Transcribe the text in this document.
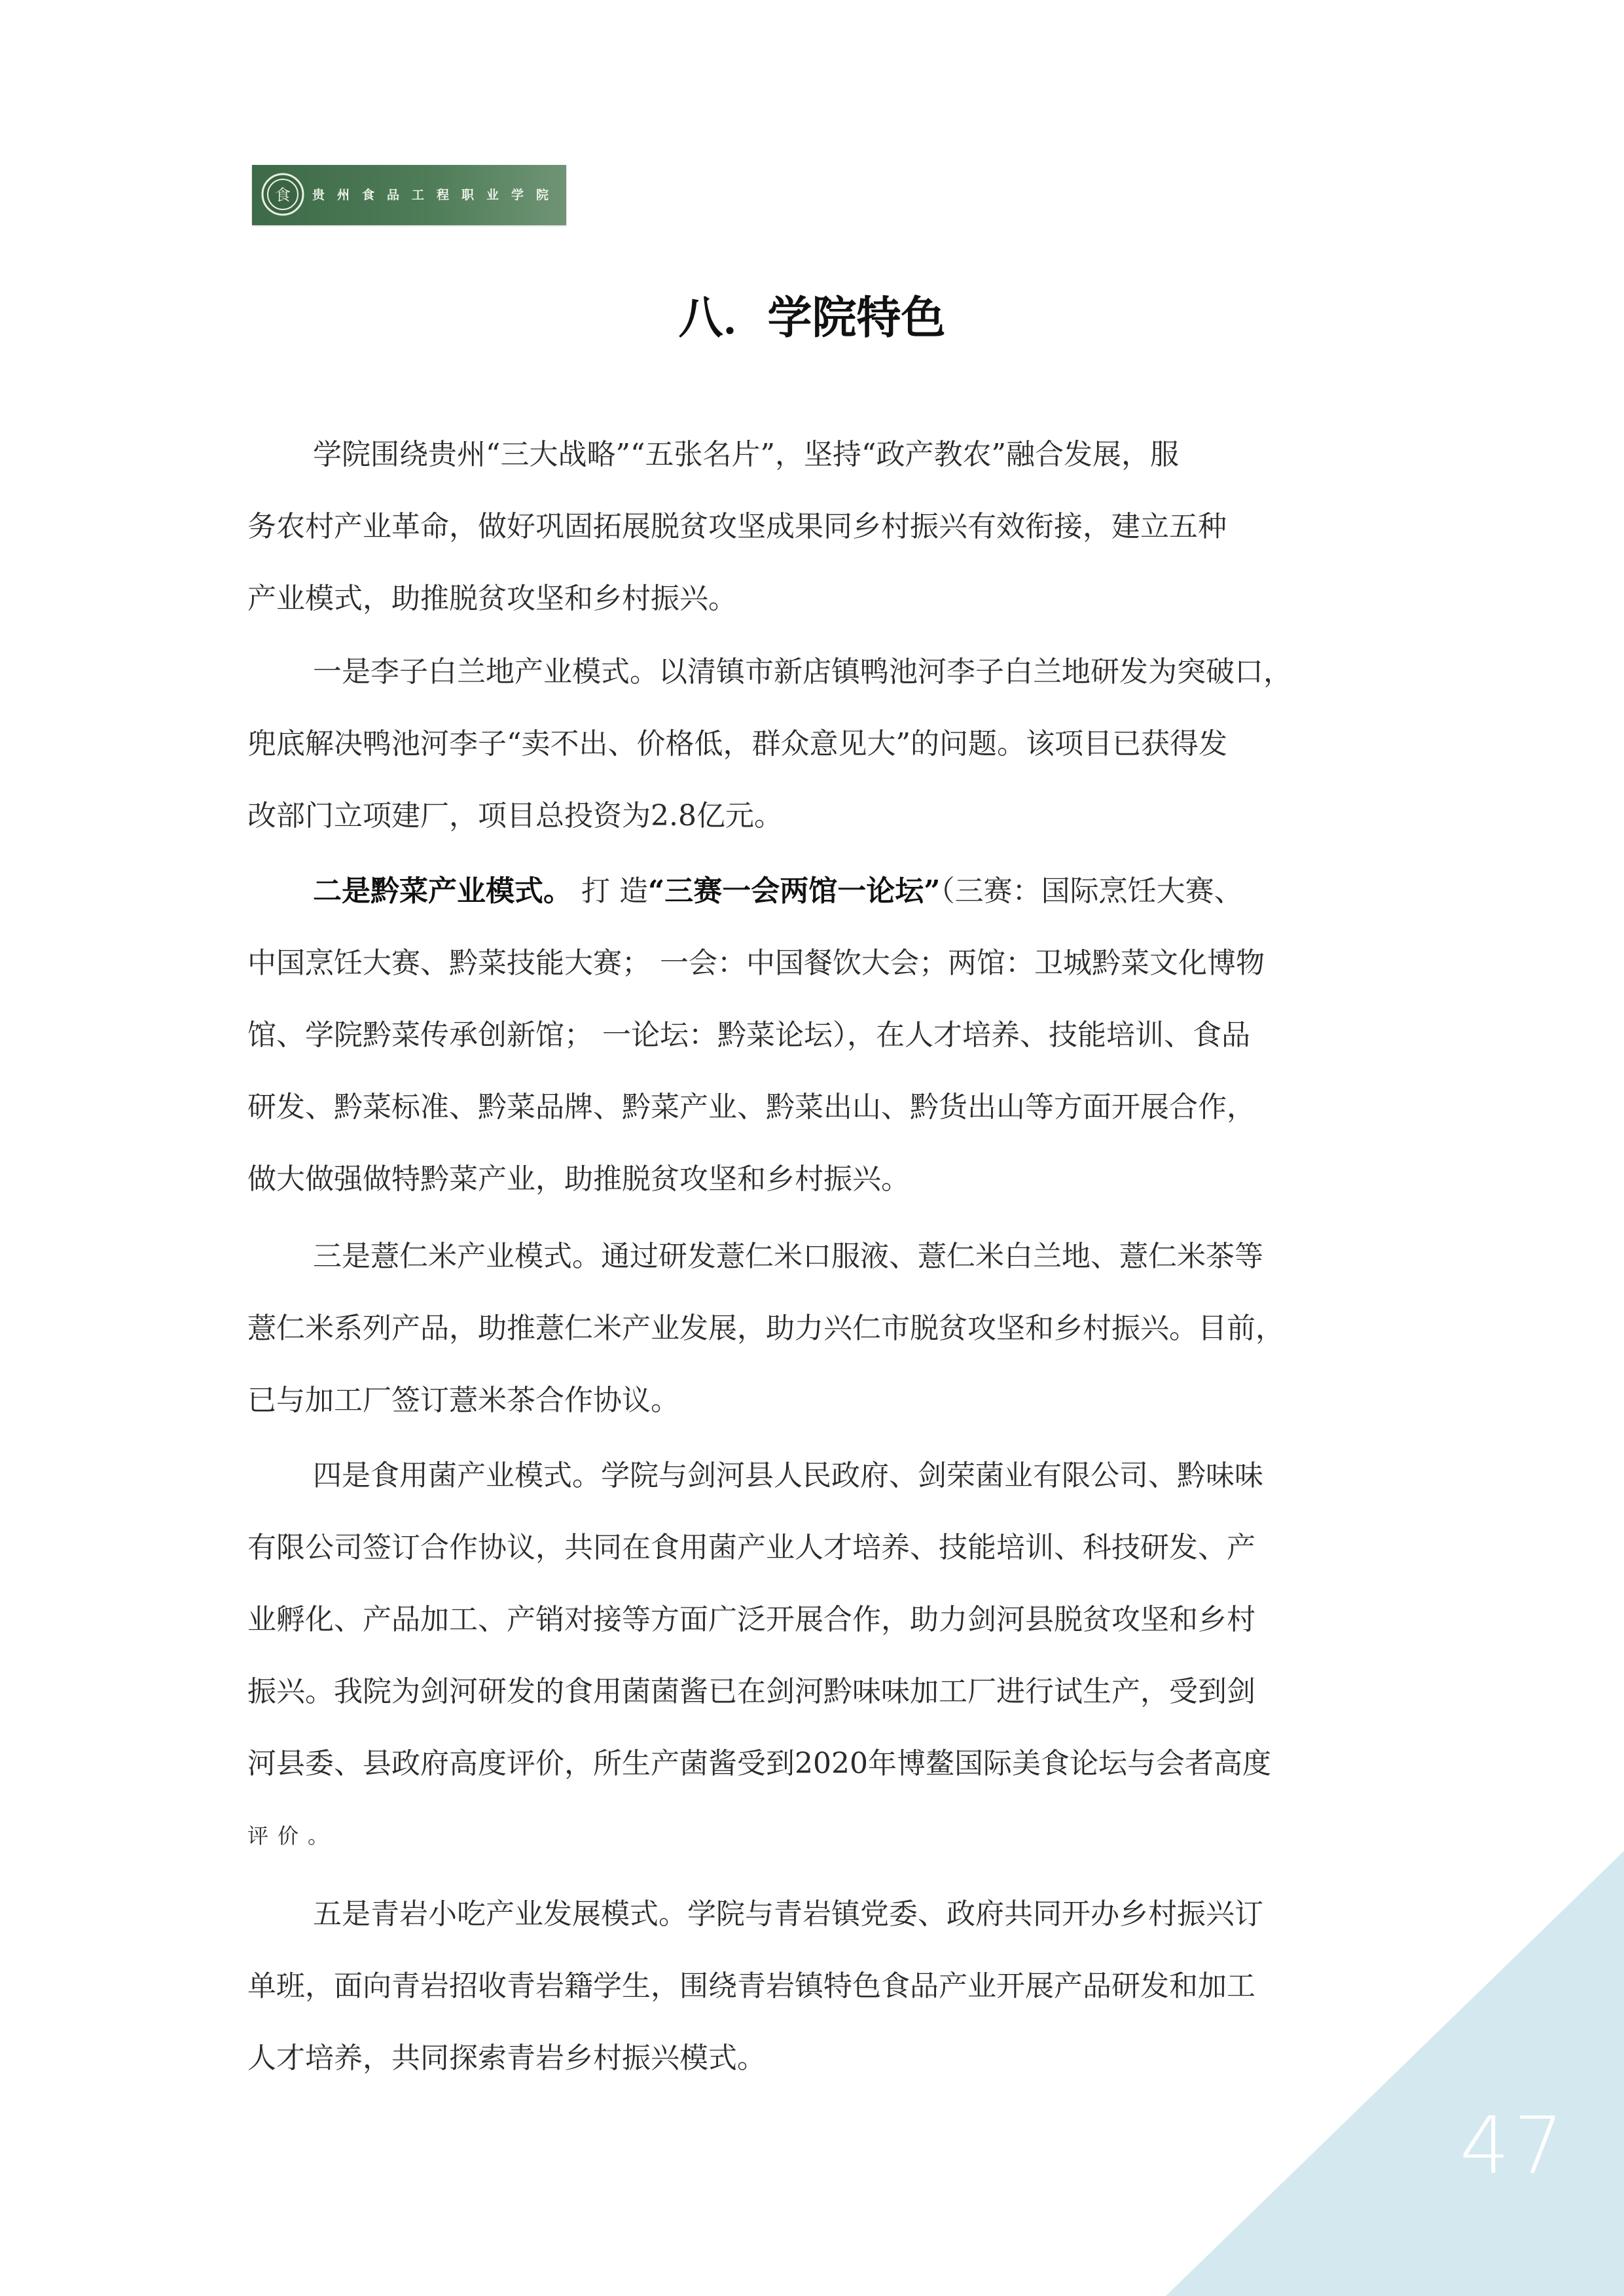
食 贵州食品工程职业学院
八．学院特色
学院围绕贵州“三大战略”“五张名片”，坚持“政产教农”融合发展，服
务农村产业革命，做好巩固拓展脱贫攻坚成果同乡村振兴有效衔接，建立五种
产业模式，助推脱贫攻坚和乡村振兴。
一是李子白兰地产业模式。以清镇市新店镇鸭池河李子白兰地研发为突破口，
兜底解决鸭池河李子“卖不出、价格低，群众意见大”的问题。该项目已获得发
改部门立项建厂，项目总投资为2.8亿元。
二是黔菜产业模式。 打 造“三赛一会两馆一论坛”（三赛：国际烹饪大赛、
中国烹饪大赛、黔菜技能大赛； 一会：中国餐饮大会；两馆：卫城黔菜文化博物
馆、学院黔菜传承创新馆； 一论坛：黔菜论坛），在人才培养、技能培训、食品
研发、黔菜标准、黔菜品牌、黔菜产业、黔菜出山、黔货出山等方面开展合作，
做大做强做特黔菜产业，助推脱贫攻坚和乡村振兴。
三是薏仁米产业模式。通过研发薏仁米口服液、薏仁米白兰地、薏仁米茶等
薏仁米系列产品，助推薏仁米产业发展，助力兴仁市脱贫攻坚和乡村振兴。目前，
已与加工厂签订薏米茶合作协议。
四是食用菌产业模式。学院与剑河县人民政府、剑荣菌业有限公司、黔味味
有限公司签订合作协议，共同在食用菌产业人才培养、技能培训、科技研发、产
业孵化、产品加工、产销对接等方面广泛开展合作，助力剑河县脱贫攻坚和乡村
振兴。我院为剑河研发的食用菌菌酱已在剑河黔味味加工厂进行试生产，受到剑
河县委、县政府高度评价，所生产菌酱受到2020年博鳌国际美食论坛与会者高度
评价。
五是青岩小吃产业发展模式。学院与青岩镇党委、政府共同开办乡村振兴订
单班，面向青岩招收青岩籍学生，围绕青岩镇特色食品产业开展产品研发和加工
人才培养，共同探索青岩乡村振兴模式。
47
